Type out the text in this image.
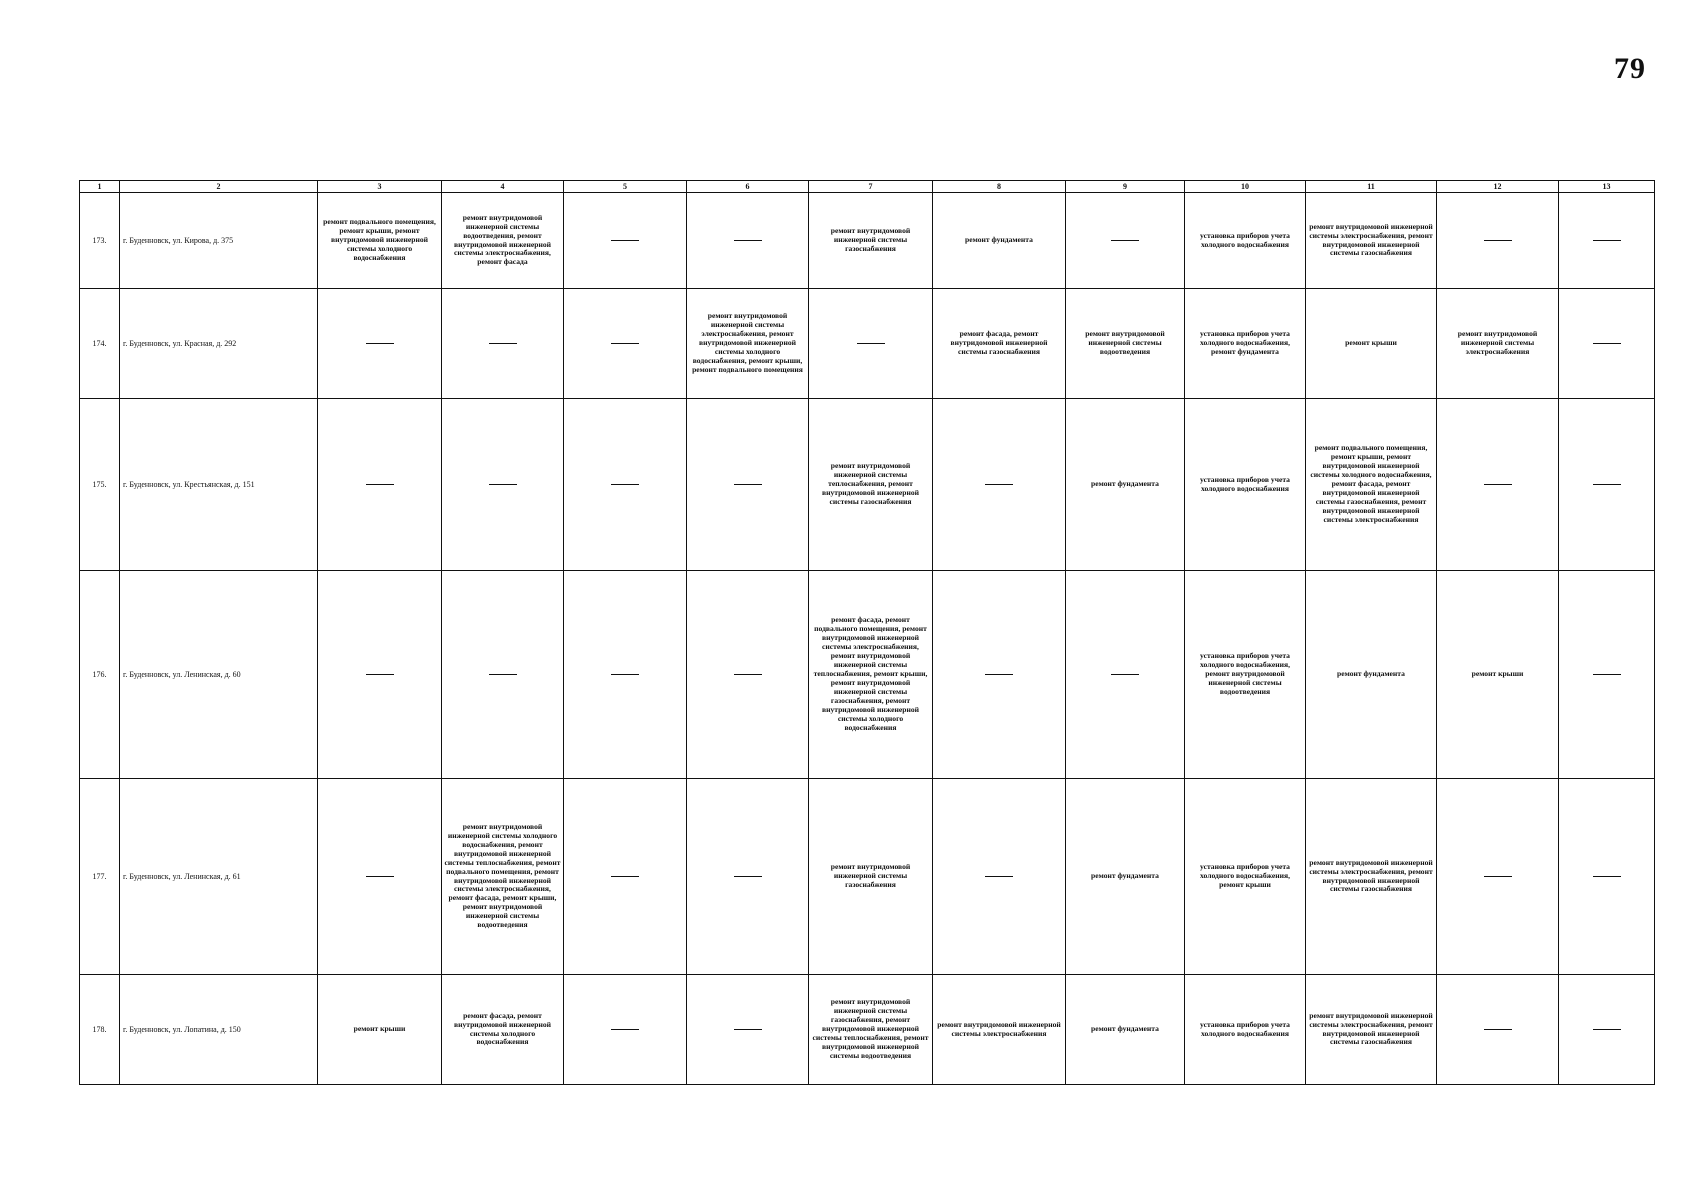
79
1	2	3	4	5	6	7	8	9	10	11	12	13
173.	г. Буденновск, ул. Кирова, д. 375	ремонт подвального помещения, ремонт крыши, ремонт внутридомовой инженерной системы холодного водоснабжения	ремонт внутридомовой инженерной системы водоотведения, ремонт внутридомовой инженерной системы электроснабжения, ремонт фасада			ремонт внутридомовой инженерной системы газоснабжения	ремонт фундамента		установка приборов учета холодного водоснабжения	ремонт внутридомовой инженерной системы электроснабжения, ремонт внутридомовой инженерной системы газоснабжения		
174.	г. Буденновск, ул. Красная, д. 292				ремонт внутридомовой инженерной системы электроснабжения, ремонт внутридомовой инженерной системы холодного водоснабжения, ремонт крыши, ремонт подвального помещения		ремонт фасада, ремонт внутридомовой инженерной системы газоснабжения	ремонт внутридомовой инженерной системы водоотведения	установка приборов учета холодного водоснабжения, ремонт фундамента	ремонт крыши	ремонт внутридомовой инженерной системы электроснабжения	
175.	г. Буденновск, ул. Крестьянская, д. 151					ремонт внутридомовой инженерной системы теплоснабжения, ремонт внутридомовой инженерной системы газоснабжения		ремонт фундамента	установка приборов учета холодного водоснабжения	ремонт подвального помещения, ремонт крыши, ремонт внутридомовой инженерной системы холодного водоснабжения, ремонт фасада, ремонт внутридомовой инженерной системы газоснабжения, ремонт внутридомовой инженерной системы электроснабжения		
176.	г. Буденновск, ул. Ленинская, д. 60					ремонт фасада, ремонт подвального помещения, ремонт внутридомовой инженерной системы электроснабжения, ремонт внутридомовой инженерной системы теплоснабжения, ремонт крыши, ремонт внутридомовой инженерной системы газоснабжения, ремонт внутридомовой инженерной системы холодного водоснабжения			установка приборов учета холодного водоснабжения, ремонт внутридомовой инженерной системы водоотведения	ремонт фундамента	ремонт крыши	
177.	г. Буденновск, ул. Ленинская, д. 61		ремонт внутридомовой инженерной системы холодного водоснабжения, ремонт внутридомовой инженерной системы теплоснабжения, ремонт подвального помещения, ремонт внутридомовой инженерной системы электроснабжения, ремонт фасада, ремонт крыши, ремонт внутридомовой инженерной системы водоотведения			ремонт внутридомовой инженерной системы газоснабжения		ремонт фундамента	установка приборов учета холодного водоснабжения, ремонт крыши	ремонт внутридомовой инженерной системы электроснабжения, ремонт внутридомовой инженерной системы газоснабжения		
178.	г. Буденновск, ул. Лопатина, д. 150	ремонт крыши	ремонт фасада, ремонт внутридомовой инженерной системы холодного водоснабжения			ремонт внутридомовой инженерной системы газоснабжения, ремонт внутридомовой инженерной системы теплоснабжения, ремонт внутридомовой инженерной системы водоотведения	ремонт внутридомовой инженерной системы электроснабжения	ремонт фундамента	установка приборов учета холодного водоснабжения	ремонт внутридомовой инженерной системы электроснабжения, ремонт внутридомовой инженерной системы газоснабжения		
